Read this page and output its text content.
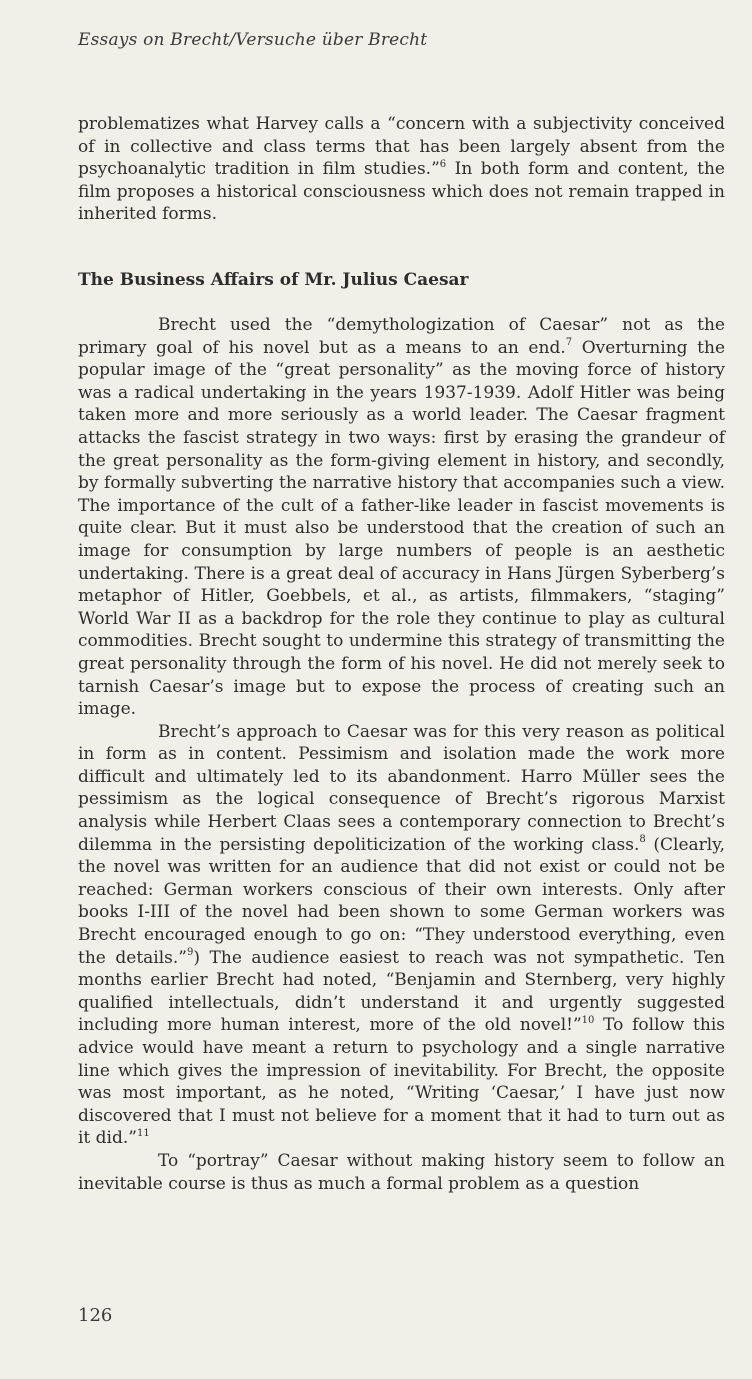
Essays on Brecht/Versuche über Brecht

problematizes what Harvey calls a “concern with a subjectivity conceived of in collective and class terms that has been largely absent from the psychoanalytic tradition in film studies.”$^6$ In both form and content, the film proposes a historical consciousness which does not remain trapped in inherited forms.

The Business Affairs of Mr. Julius Caesar

Brecht used the “demythologization of Caesar” not as the primary goal of his novel but as a means to an end.$^7$ Overturning the popular image of the “great personality” as the moving force of history was a radical undertaking in the years 1937-1939. Adolf Hitler was being taken more and more seriously as a world leader. The Caesar fragment attacks the fascist strategy in two ways: first by erasing the grandeur of the great personality as the form-giving element in history, and secondly, by formally subverting the narrative history that accompanies such a view. The importance of the cult of a father-like leader in fascist movements is quite clear. But it must also be understood that the creation of such an image for consumption by large numbers of people is an aesthetic undertaking. There is a great deal of accuracy in Hans Jürgen Syberberg’s metaphor of Hitler, Goebbels, et al., as artists, filmmakers, “staging” World War II as a backdrop for the role they continue to play as cultural commodities. Brecht sought to undermine this strategy of transmitting the great personality through the form of his novel. He did not merely seek to tarnish Caesar’s image but to expose the process of creating such an image.

Brecht’s approach to Caesar was for this very reason as political in form as in content. Pessimism and isolation made the work more difficult and ultimately led to its abandonment. Harro Müller sees the pessimism as the logical consequence of Brecht’s rigorous Marxist analysis while Herbert Claas sees a contemporary connection to Brecht’s dilemma in the persisting depoliticization of the working class.$^8$ (Clearly, the novel was written for an audience that did not exist or could not be reached: German workers conscious of their own interests. Only after books I-III of the novel had been shown to some German workers was Brecht encouraged enough to go on: “They understood everything, even the details.”$^9$) The audience easiest to reach was not sympathetic. Ten months earlier Brecht had noted, “Benjamin and Sternberg, very highly qualified intellectuals, didn’t understand it and urgently suggested including more human interest, more of the old novel!”$^{10}$ To follow this advice would have meant a return to psychology and a single narrative line which gives the impression of inevitability. For Brecht, the opposite was most important, as he noted, “Writing ‘Caesar,’ I have just now discovered that I must not believe for a moment that it had to turn out as it did.”$^{11}$

To “portray” Caesar without making history seem to follow an inevitable course is thus as much a formal problem as a question

126
